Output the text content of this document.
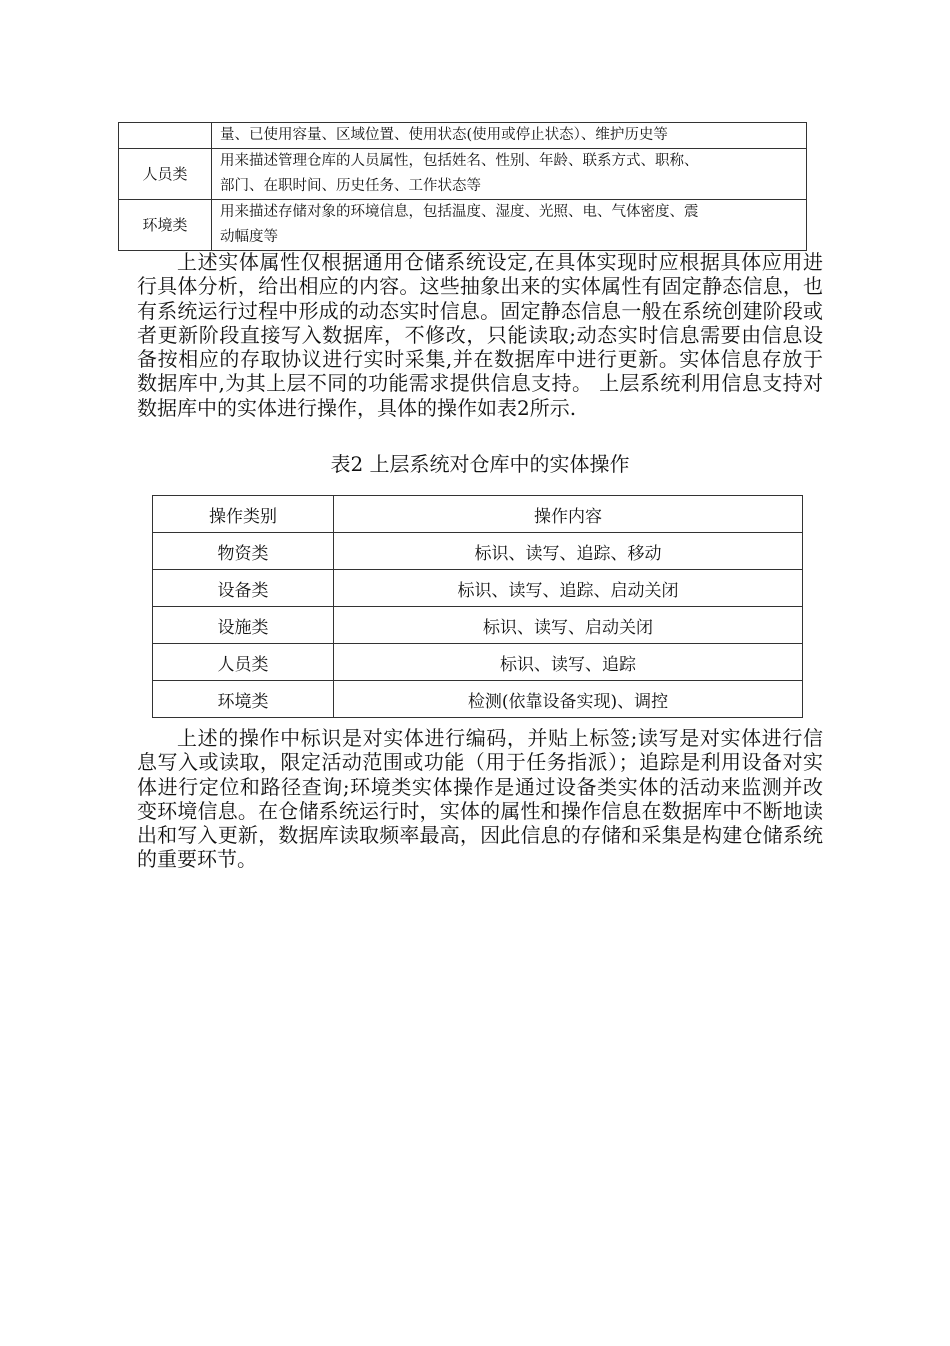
	量、已使用容量、区域位置、使用状态(使用或停止状态）、维护历史等
人员类	用来描述管理仓库的人员属性，包括姓名、性别、年龄、联系方式、职称、
部门、在职时间、历史任务、工作状态等
环境类	用来描述存储对象的环境信息，包括温度、湿度、光照、电、气体密度、震
动幅度等

上述实体属性仅根据通用仓储系统设定,在具体实现时应根据具体应用进行具体分析，给出相应的内容。这些抽象出来的实体属性有固定静态信息，也有系统运行过程中形成的动态实时信息。固定静态信息一般在系统创建阶段或者更新阶段直接写入数据库，不修改，只能读取;动态实时信息需要由信息设备按相应的存取协议进行实时采集,并在数据库中进行更新。实体信息存放于数据库中,为其上层不同的功能需求提供信息支持。 上层系统利用信息支持对数据库中的实体进行操作，具体的操作如表2所示.

表2 上层系统对仓库中的实体操作

操作类别	操作内容
物资类	标识、读写、追踪、移动
设备类	标识、读写、追踪、启动关闭
设施类	标识、读写、启动关闭
人员类	标识、读写、追踪
环境类	检测(依靠设备实现)、调控

上述的操作中标识是对实体进行编码，并贴上标签;读写是对实体进行信息写入或读取，限定活动范围或功能（用于任务指派）；追踪是利用设备对实体进行定位和路径查询;环境类实体操作是通过设备类实体的活动来监测并改变环境信息。在仓储系统运行时，实体的属性和操作信息在数据库中不断地读出和写入更新，数据库读取频率最高，因此信息的存储和采集是构建仓储系统的重要环节。
